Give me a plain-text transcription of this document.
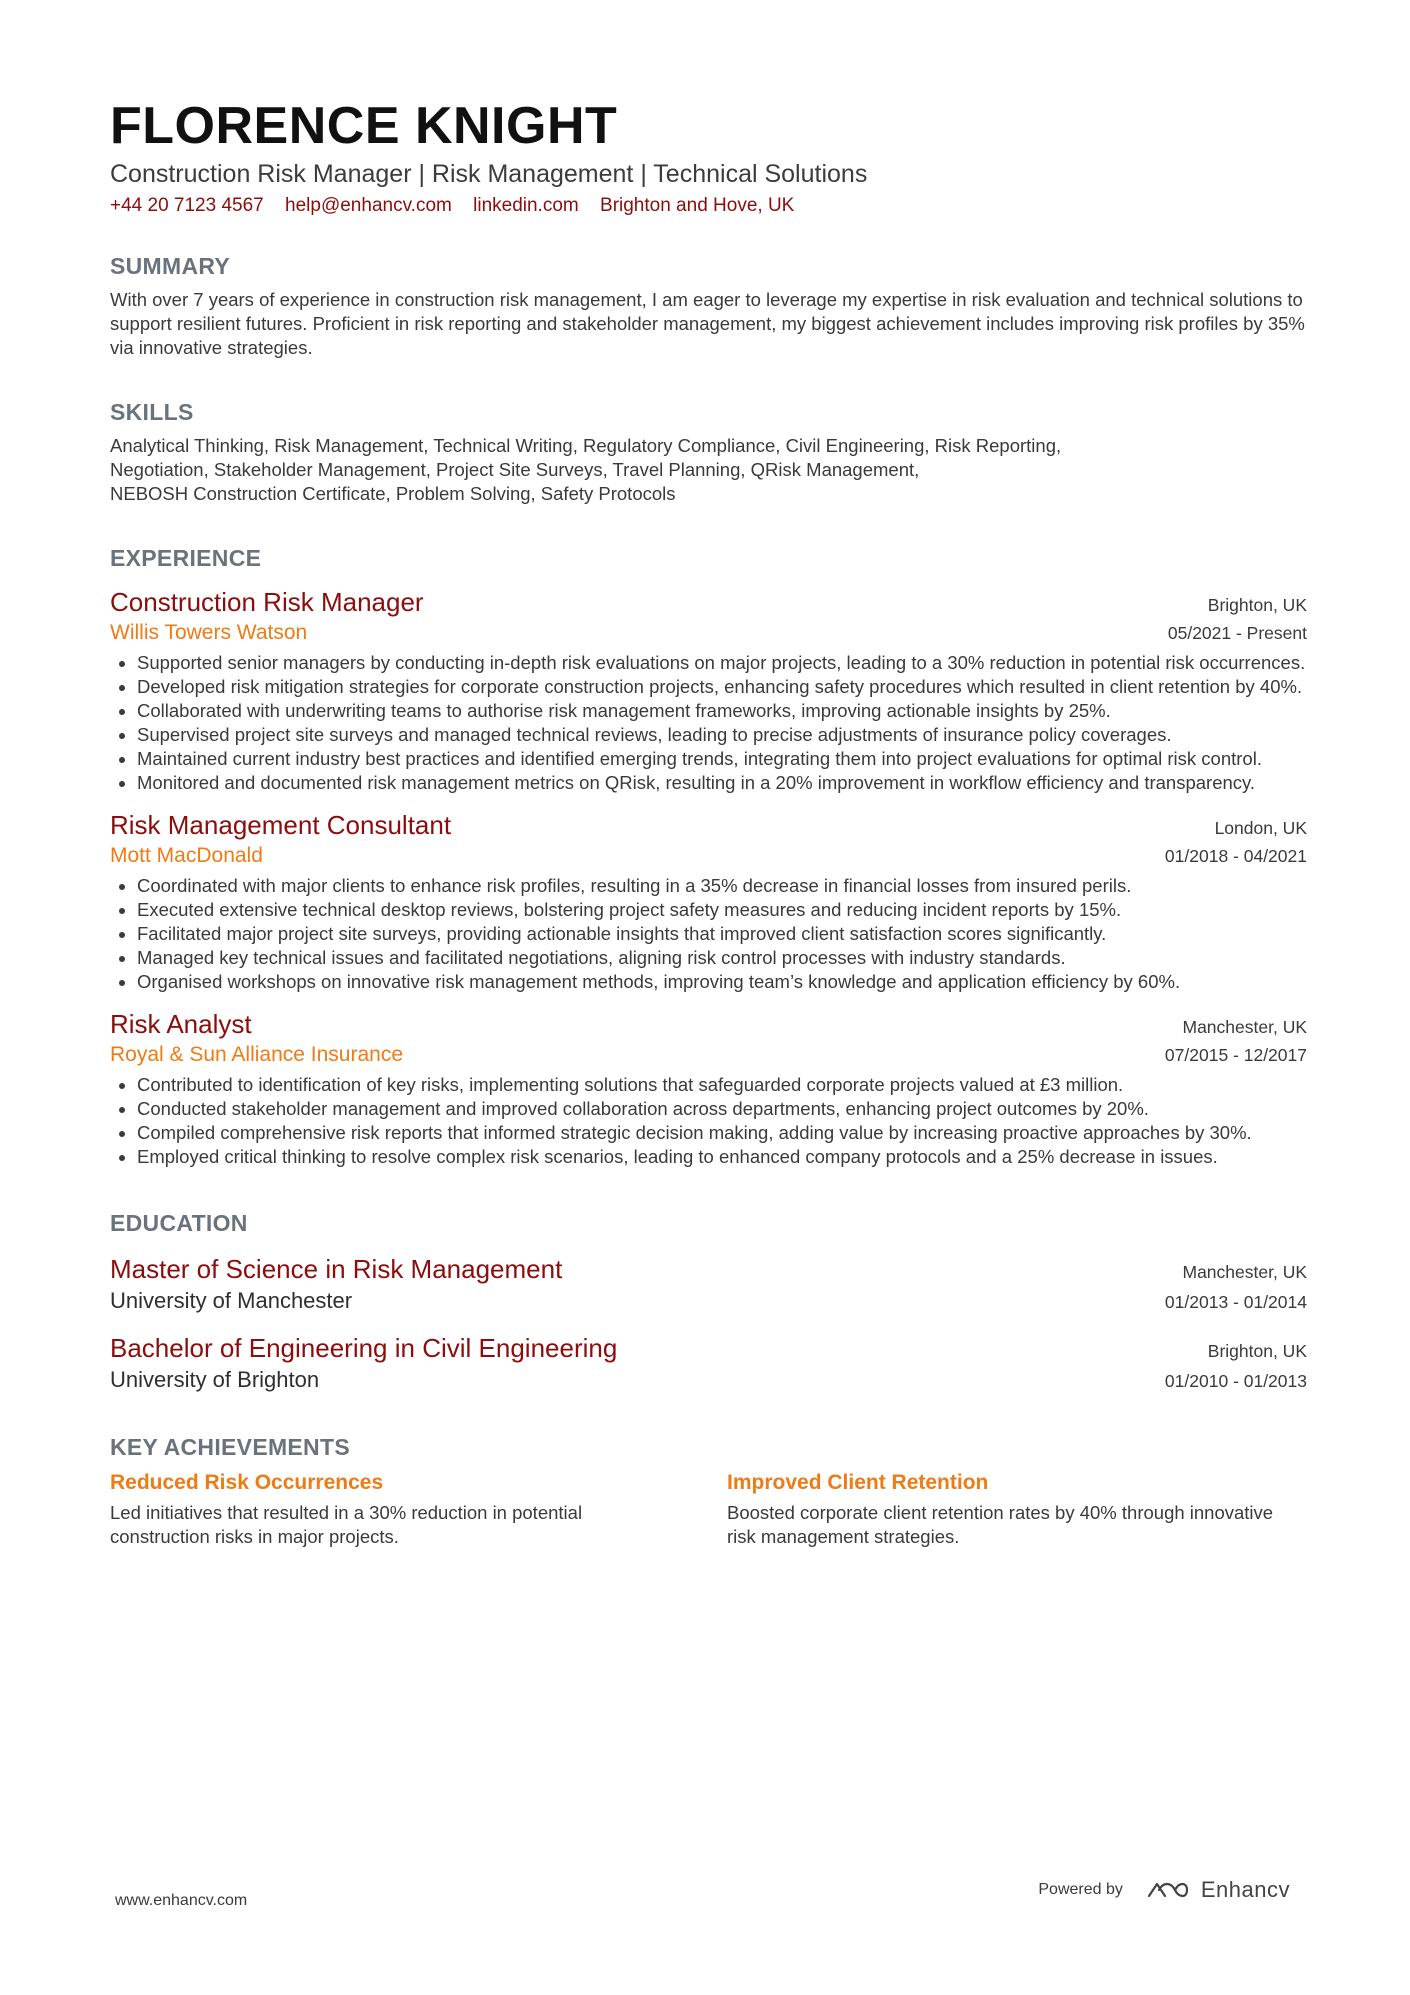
FLORENCE KNIGHT
Construction Risk Manager | Risk Management | Technical Solutions
+44 20 7123 4567 help@enhancv.com linkedin.com Brighton and Hove, UK
SUMMARY
With over 7 years of experience in construction risk management, I am eager to leverage my expertise in risk evaluation and technical solutions to support resilient futures. Proficient in risk reporting and stakeholder management, my biggest achievement includes improving risk profiles by 35% via innovative strategies.
SKILLS
Analytical Thinking, Risk Management, Technical Writing, Regulatory Compliance, Civil Engineering, Risk Reporting,
Negotiation, Stakeholder Management, Project Site Surveys, Travel Planning, QRisk Management,
NEBOSH Construction Certificate, Problem Solving, Safety Protocols
EXPERIENCE
Construction Risk Manager	Brighton, UK
Willis Towers Watson	05/2021 - Present
• Supported senior managers by conducting in-depth risk evaluations on major projects, leading to a 30% reduction in potential risk occurrences.
• Developed risk mitigation strategies for corporate construction projects, enhancing safety procedures which resulted in client retention by 40%.
• Collaborated with underwriting teams to authorise risk management frameworks, improving actionable insights by 25%.
• Supervised project site surveys and managed technical reviews, leading to precise adjustments of insurance policy coverages.
• Maintained current industry best practices and identified emerging trends, integrating them into project evaluations for optimal risk control.
• Monitored and documented risk management metrics on QRisk, resulting in a 20% improvement in workflow efficiency and transparency.
Risk Management Consultant	London, UK
Mott MacDonald	01/2018 - 04/2021
• Coordinated with major clients to enhance risk profiles, resulting in a 35% decrease in financial losses from insured perils.
• Executed extensive technical desktop reviews, bolstering project safety measures and reducing incident reports by 15%.
• Facilitated major project site surveys, providing actionable insights that improved client satisfaction scores significantly.
• Managed key technical issues and facilitated negotiations, aligning risk control processes with industry standards.
• Organised workshops on innovative risk management methods, improving team’s knowledge and application efficiency by 60%.
Risk Analyst	Manchester, UK
Royal & Sun Alliance Insurance	07/2015 - 12/2017
• Contributed to identification of key risks, implementing solutions that safeguarded corporate projects valued at £3 million.
• Conducted stakeholder management and improved collaboration across departments, enhancing project outcomes by 20%.
• Compiled comprehensive risk reports that informed strategic decision making, adding value by increasing proactive approaches by 30%.
• Employed critical thinking to resolve complex risk scenarios, leading to enhanced company protocols and a 25% decrease in issues.
EDUCATION
Master of Science in Risk Management	Manchester, UK
University of Manchester	01/2013 - 01/2014
Bachelor of Engineering in Civil Engineering	Brighton, UK
University of Brighton	01/2010 - 01/2013
KEY ACHIEVEMENTS
Reduced Risk Occurrences
Led initiatives that resulted in a 30% reduction in potential construction risks in major projects.
Improved Client Retention
Boosted corporate client retention rates by 40% through innovative risk management strategies.
www.enhancv.com
Powered by	Enhancv
